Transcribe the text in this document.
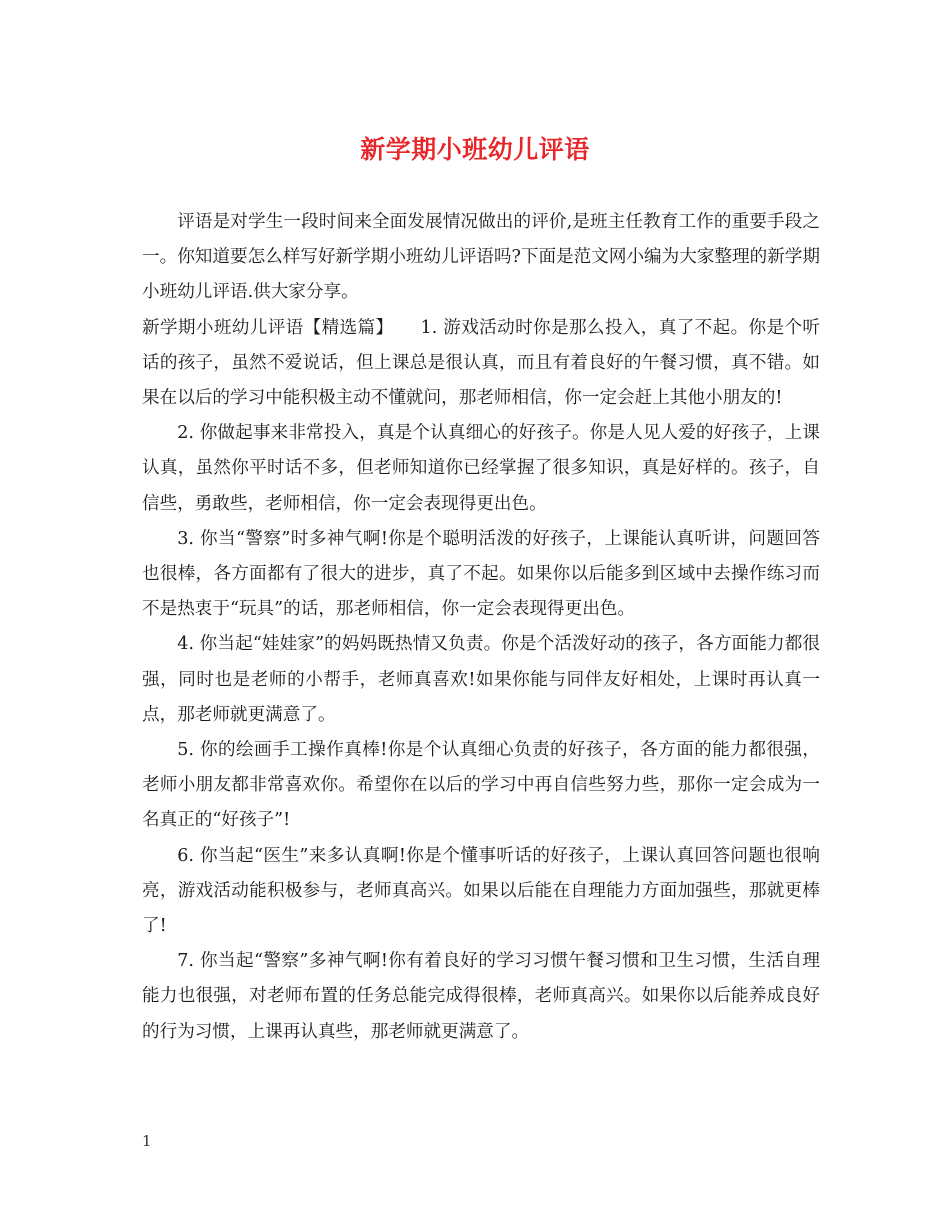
新学期小班幼儿评语

评语是对学生一段时间来全面发展情况做出的评价,是班主任教育工作的重要手段之一。你知道要怎么样写好新学期小班幼儿评语吗?下面是范文网小编为大家整理的新学期小班幼儿评语.供大家分享。

新学期小班幼儿评语【精选篇】　　1. 游戏活动时你是那么投入，真了不起。你是个听话的孩子，虽然不爱说话，但上课总是很认真，而且有着良好的午餐习惯，真不错。如果在以后的学习中能积极主动不懂就问，那老师相信，你一定会赶上其他小朋友的!

2. 你做起事来非常投入，真是个认真细心的好孩子。你是人见人爱的好孩子，上课认真，虽然你平时话不多，但老师知道你已经掌握了很多知识，真是好样的。孩子，自信些，勇敢些，老师相信，你一定会表现得更出色。

3. 你当“警察”时多神气啊!你是个聪明活泼的好孩子，上课能认真听讲，问题回答也很棒，各方面都有了很大的进步，真了不起。如果你以后能多到区域中去操作练习而不是热衷于“玩具”的话，那老师相信，你一定会表现得更出色。

4. 你当起“娃娃家”的妈妈既热情又负责。你是个活泼好动的孩子，各方面能力都很强，同时也是老师的小帮手，老师真喜欢!如果你能与同伴友好相处，上课时再认真一点，那老师就更满意了。

5. 你的绘画手工操作真棒!你是个认真细心负责的好孩子，各方面的能力都很强，老师小朋友都非常喜欢你。希望你在以后的学习中再自信些努力些，那你一定会成为一名真正的“好孩子”!

6. 你当起“医生”来多认真啊!你是个懂事听话的好孩子，上课认真回答问题也很响亮，游戏活动能积极参与，老师真高兴。如果以后能在自理能力方面加强些，那就更棒了!

7. 你当起“警察”多神气啊!你有着良好的学习习惯午餐习惯和卫生习惯，生活自理能力也很强，对老师布置的任务总能完成得很棒，老师真高兴。如果你以后能养成良好的行为习惯，上课再认真些，那老师就更满意了。

1
